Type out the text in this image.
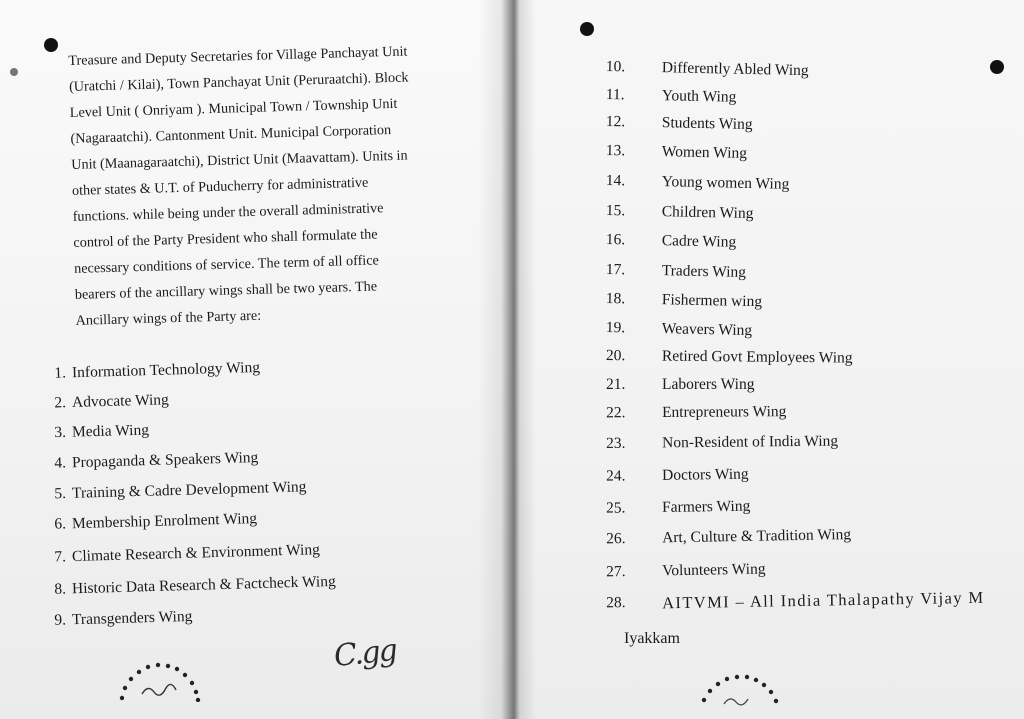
Treasure and Deputy Secretaries for Village Panchayat Unit
(Uratchi / Kilai), Town Panchayat Unit (Peruraatchi). Block
Level Unit ( Onriyam ). Municipal Town / Township Unit
(Nagaraatchi). Cantonment Unit. Municipal Corporation
Unit (Maanagaraatchi), District Unit (Maavattam). Units in
other states & U.T. of Puducherry for administrative
functions. while being under the overall administrative
control of the Party President who shall formulate the
necessary conditions of service. The term of all office
bearers of the ancillary wings shall be two years. The
Ancillary wings of the Party are:
1. Information Technology Wing
2. Advocate Wing
3. Media Wing
4. Propaganda & Speakers Wing
5. Training & Cadre Development Wing
6. Membership Enrolment Wing
7. Climate Research & Environment Wing
8. Historic Data Research & Factcheck Wing
9. Transgenders Wing
C.gg
10.	Differently Abled Wing
11.	Youth Wing
12.	Students Wing
13.	Women Wing
14.	Young women Wing
15.	Children Wing
16.	Cadre Wing
17.	Traders Wing
18.	Fishermen wing
19.	Weavers Wing
20.	Retired Govt Employees Wing
21.	Laborers Wing
22.	Entrepreneurs Wing
23.	Non-Resident of India Wing
24.	Doctors Wing
25.	Farmers Wing
26.	Art, Culture & Tradition Wing
27.	Volunteers Wing
28.	AITVMI – All India Thalapathy Vijay M
Iyakkam
